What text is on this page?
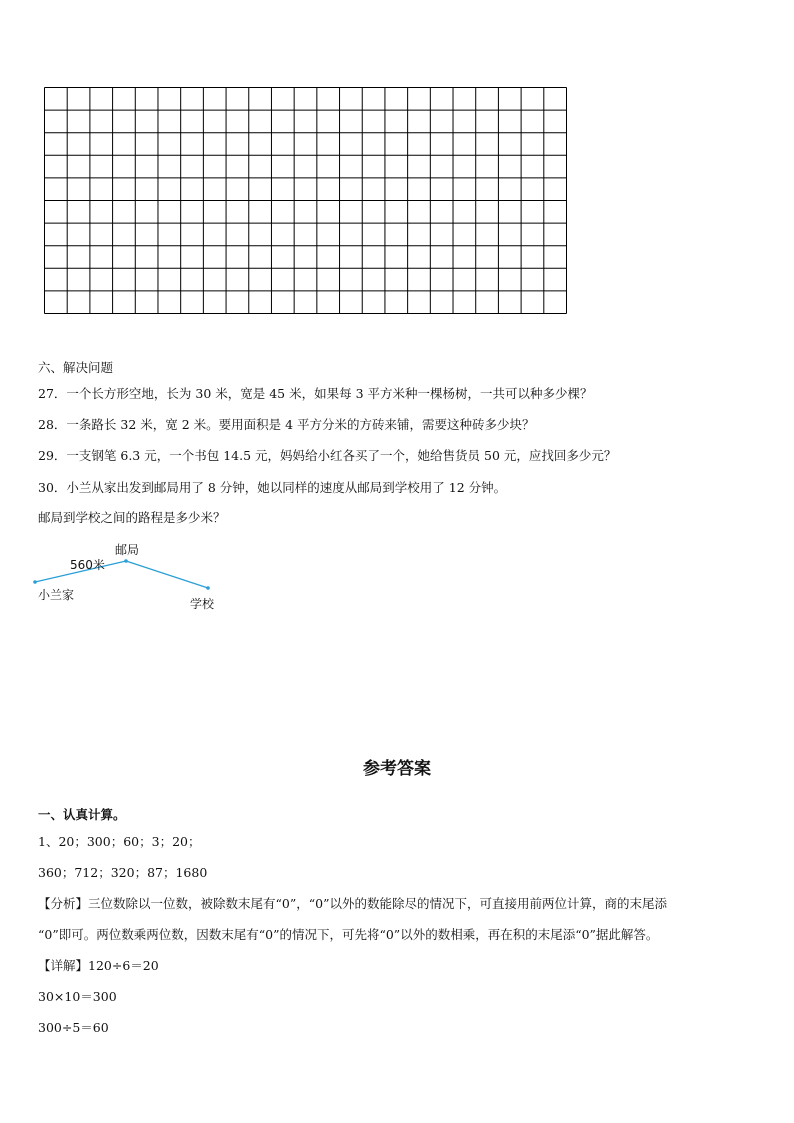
六、解决问题
27．一个长方形空地，长为 30 米，宽是 45 米，如果每 3 平方米种一棵杨树，一共可以种多少棵？
28．一条路长 32 米，宽 2 米。要用面积是 4 平方分米的方砖来铺，需要这种砖多少块？
29．一支钢笔 6.3 元，一个书包 14.5 元，妈妈给小红各买了一个，她给售货员 50 元，应找回多少元？
30．小兰从家出发到邮局用了 8 分钟，她以同样的速度从邮局到学校用了 12 分钟。
邮局到学校之间的路程是多少米？
邮局
560米
小兰家
学校
参考答案
一、认真计算。
1、20；300；60；3；20；
360；712；320；87；1680
【分析】三位数除以一位数，被除数末尾有“0”，“0”以外的数能除尽的情况下，可直接用前两位计算，商的末尾添
“0”即可。两位数乘两位数，因数末尾有“0”的情况下，可先将“0”以外的数相乘，再在积的末尾添“0”据此解答。
【详解】120÷6＝20
30×10＝300
300÷5＝60
